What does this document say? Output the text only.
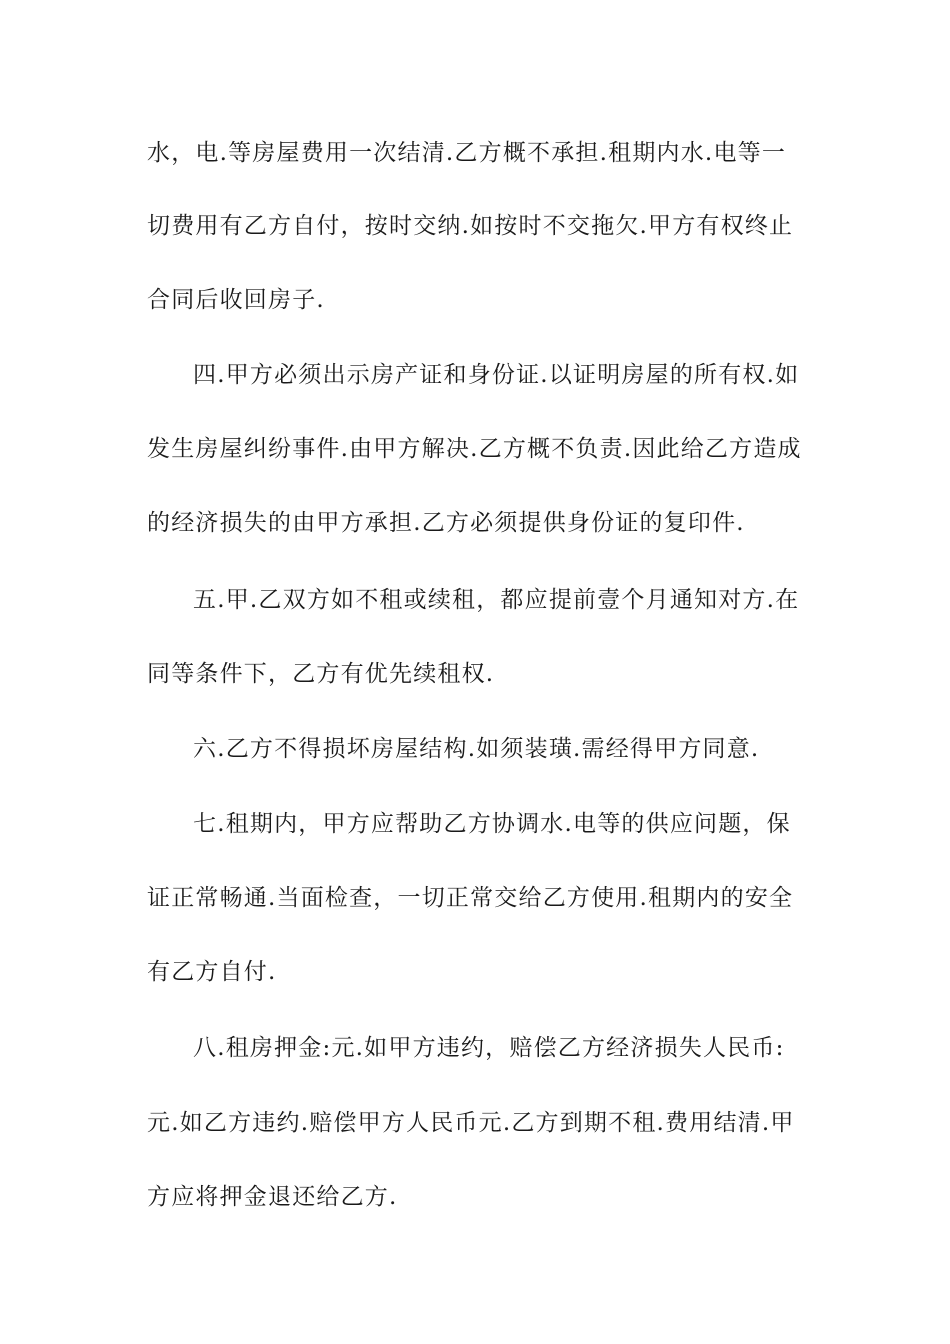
水，电.等房屋费用一次结清.乙方概不承担.租期内水.电等一
切费用有乙方自付，按时交纳.如按时不交拖欠.甲方有权终止
合同后收回房子.
四.甲方必须出示房产证和身份证.以证明房屋的所有权.如
发生房屋纠纷事件.由甲方解决.乙方概不负责.因此给乙方造成
的经济损失的由甲方承担.乙方必须提供身份证的复印件.
五.甲.乙双方如不租或续租，都应提前壹个月通知对方.在
同等条件下，乙方有优先续租权.
六.乙方不得损坏房屋结构.如须装璜.需经得甲方同意.
七.租期内，甲方应帮助乙方协调水.电等的供应问题，保
证正常畅通.当面检查，一切正常交给乙方使用.租期内的安全
有乙方自付.
八.租房押金:元.如甲方违约，赔偿乙方经济损失人民币:
元.如乙方违约.赔偿甲方人民币元.乙方到期不租.费用结清.甲
方应将押金退还给乙方.
